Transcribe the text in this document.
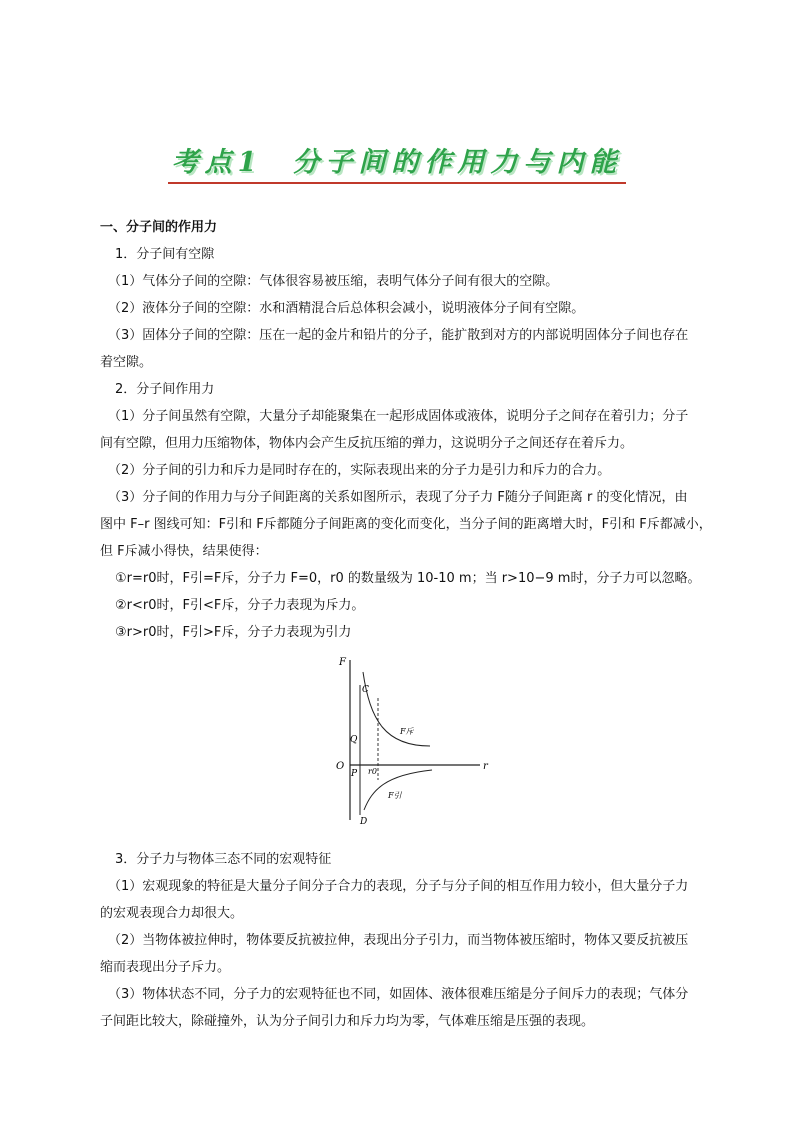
考点1 分子间的作用力与内能

一、分子间的作用力

1．分子间有空隙

（1）气体分子间的空隙：气体很容易被压缩，表明气体分子间有很大的空隙。

（2）液体分子间的空隙：水和酒精混合后总体积会减小，说明液体分子间有空隙。

（3）固体分子间的空隙：压在一起的金片和铅片的分子，能扩散到对方的内部说明固体分子间也存在

着空隙。

2．分子间作用力

（1）分子间虽然有空隙，大量分子却能聚集在一起形成固体或液体，说明分子之间存在着引力；分子

间有空隙，但用力压缩物体，物体内会产生反抗压缩的弹力，这说明分子之间还存在着斥力。

（2）分子间的引力和斥力是同时存在的，实际表现出来的分子力是引力和斥力的合力。

（3）分子间的作用力与分子间距离的关系如图所示，表现了分子力 F随分子间距离 r 的变化情况，由

图中 F–r 图线可知：F引和 F斥都随分子间距离的变化而变化，当分子间的距离增大时，F引和 F斥都减小，

但 F斥减小得快，结果使得：

①r=r0时，F引=F斥，分子力 F=0，r0 的数量级为 10-10 m；当 r>10−9 m时，分子力可以忽略。

②r<r0时，F引<F斥，分子力表现为斥力。

③r>r0时，F引>F斥，分子力表现为引力

F
r
O
C
Q
P
D
r0
F斥
F引

3．分子力与物体三态不同的宏观特征

（1）宏观现象的特征是大量分子间分子合力的表现，分子与分子间的相互作用力较小，但大量分子力

的宏观表现合力却很大。

（2）当物体被拉伸时，物体要反抗被拉伸，表现出分子引力，而当物体被压缩时，物体又要反抗被压

缩而表现出分子斥力。

（3）物体状态不同，分子力的宏观特征也不同，如固体、液体很难压缩是分子间斥力的表现；气体分

子间距比较大，除碰撞外，认为分子间引力和斥力均为零，气体难压缩是压强的表现。
